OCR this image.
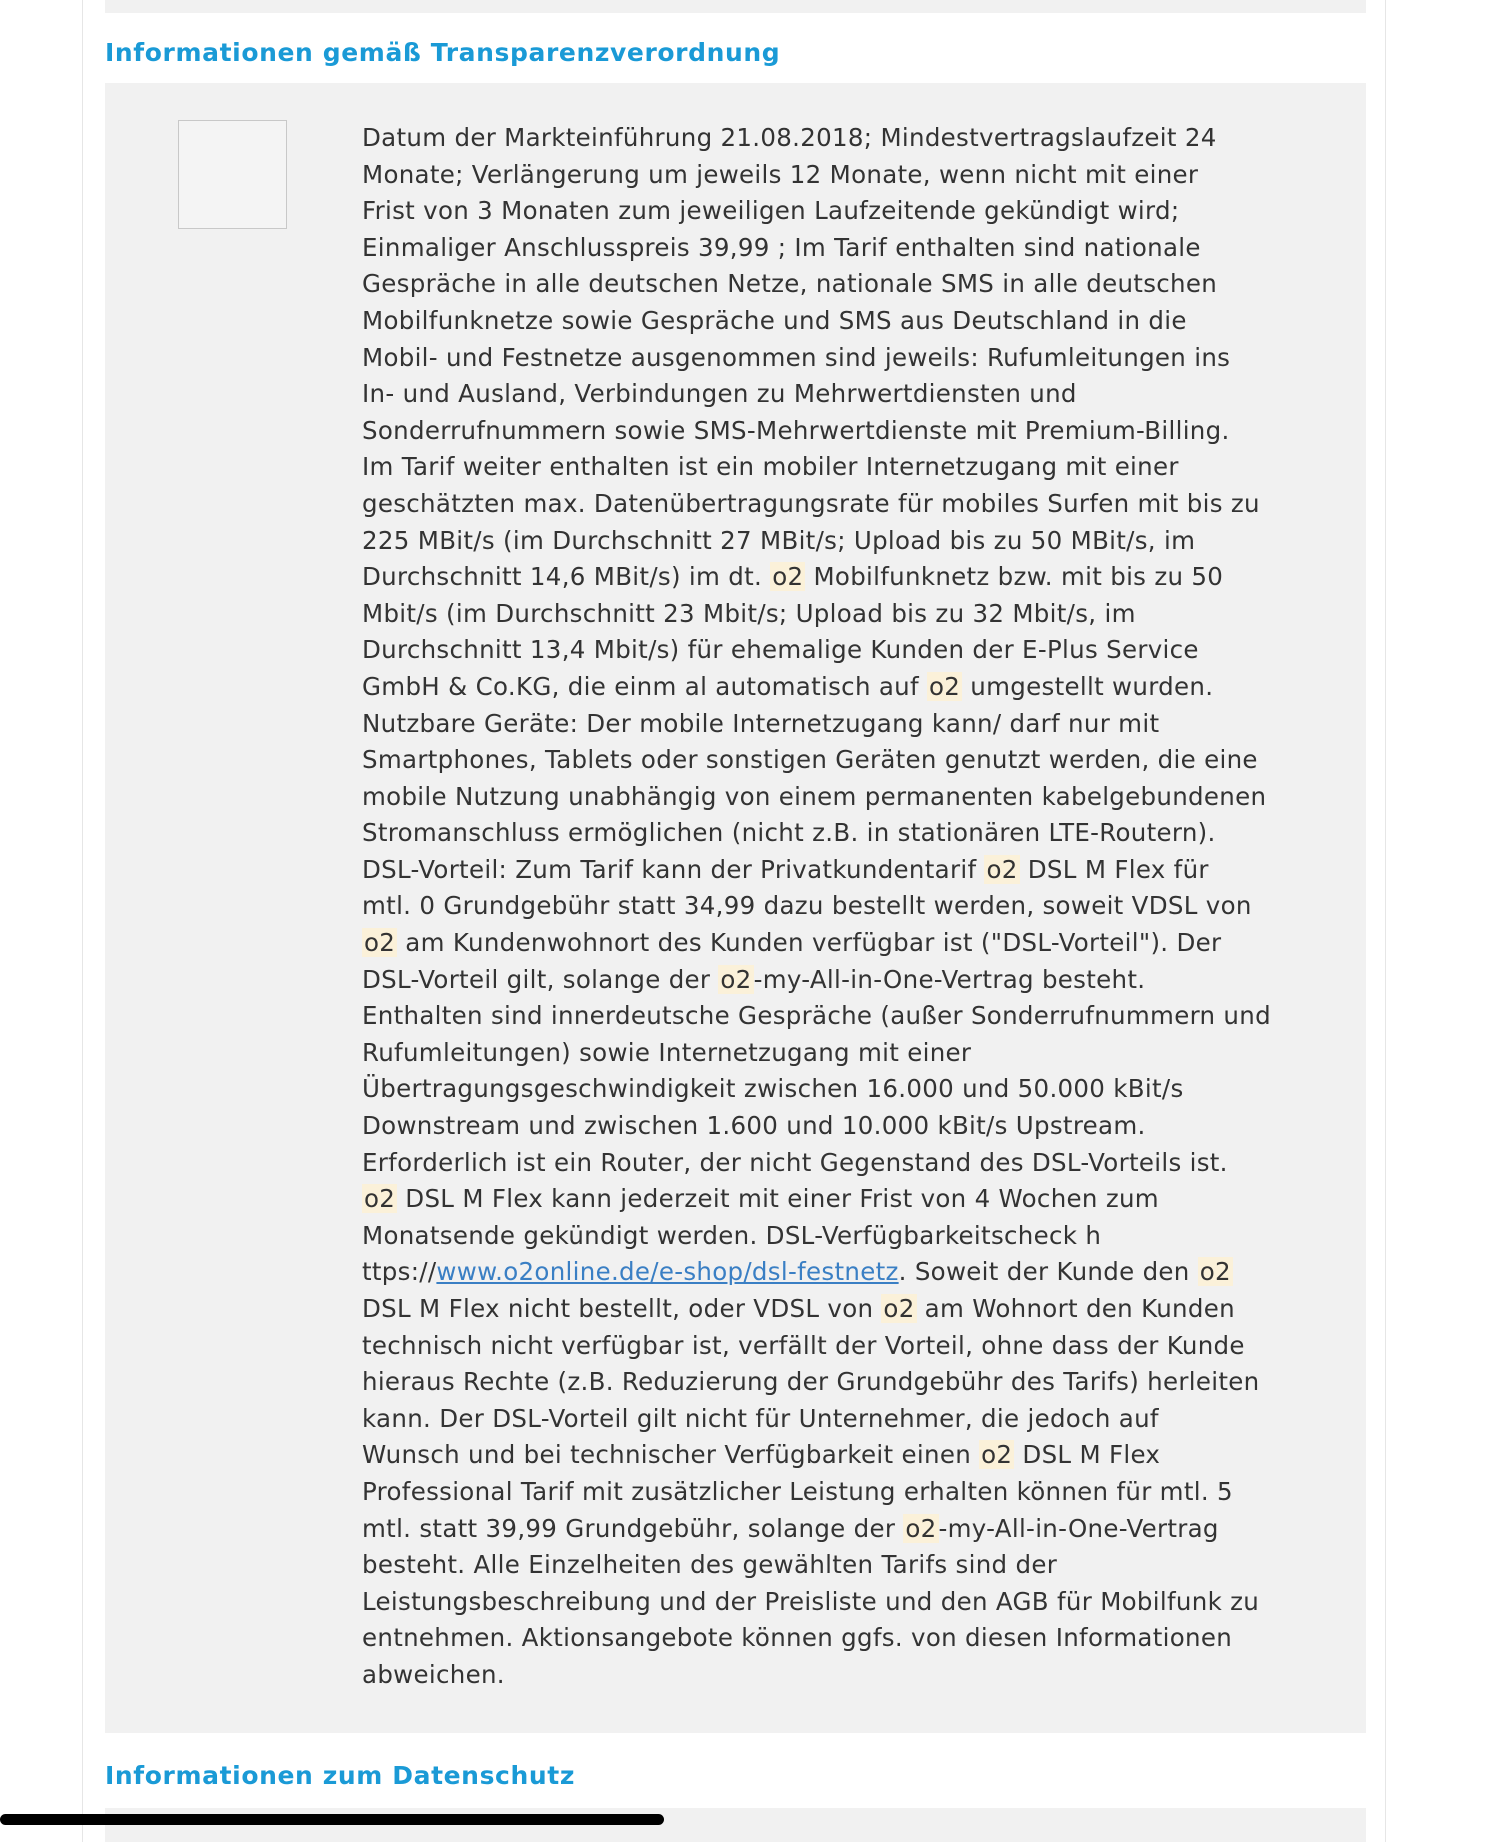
Informationen gemäß Transparenzverordnung

Datum der Markteinführung 21.08.2018; Mindestvertragslaufzeit 24
Monate; Verlängerung um jeweils 12 Monate, wenn nicht mit einer
Frist von 3 Monaten zum jeweiligen Laufzeitende gekündigt wird;
Einmaliger Anschlusspreis 39,99 ; Im Tarif enthalten sind nationale
Gespräche in alle deutschen Netze, nationale SMS in alle deutschen
Mobilfunknetze sowie Gespräche und SMS aus Deutschland in die
Mobil- und Festnetze ausgenommen sind jeweils: Rufumleitungen ins
In- und Ausland, Verbindungen zu Mehrwertdiensten und
Sonderrufnummern sowie SMS-Mehrwertdienste mit Premium-Billing.
Im Tarif weiter enthalten ist ein mobiler Internetzugang mit einer
geschätzten max. Datenübertragungsrate für mobiles Surfen mit bis zu
225 MBit/s (im Durchschnitt 27 MBit/s; Upload bis zu 50 MBit/s, im
Durchschnitt 14,6 MBit/s) im dt. o2 Mobilfunknetz bzw. mit bis zu 50
Mbit/s (im Durchschnitt 23 Mbit/s; Upload bis zu 32 Mbit/s, im
Durchschnitt 13,4 Mbit/s) für ehemalige Kunden der E-Plus Service
GmbH & Co.KG, die einm al automatisch auf o2 umgestellt wurden.
Nutzbare Geräte: Der mobile Internetzugang kann/ darf nur mit
Smartphones, Tablets oder sonstigen Geräten genutzt werden, die eine
mobile Nutzung unabhängig von einem permanenten kabelgebundenen
Stromanschluss ermöglichen (nicht z.B. in stationären LTE-Routern).
DSL-Vorteil: Zum Tarif kann der Privatkundentarif o2 DSL M Flex für
mtl. 0 Grundgebühr statt 34,99 dazu bestellt werden, soweit VDSL von
o2 am Kundenwohnort des Kunden verfügbar ist ("DSL-Vorteil"). Der
DSL-Vorteil gilt, solange der o2-my-All-in-One-Vertrag besteht.
Enthalten sind innerdeutsche Gespräche (außer Sonderrufnummern und
Rufumleitungen) sowie Internetzugang mit einer
Übertragungsgeschwindigkeit zwischen 16.000 und 50.000 kBit/s
Downstream und zwischen 1.600 und 10.000 kBit/s Upstream.
Erforderlich ist ein Router, der nicht Gegenstand des DSL-Vorteils ist.
o2 DSL M Flex kann jederzeit mit einer Frist von 4 Wochen zum
Monatsende gekündigt werden. DSL-Verfügbarkeitscheck h
ttps://www.o2online.de/e-shop/dsl-festnetz. Soweit der Kunde den o2
DSL M Flex nicht bestellt, oder VDSL von o2 am Wohnort den Kunden
technisch nicht verfügbar ist, verfällt der Vorteil, ohne dass der Kunde
hieraus Rechte (z.B. Reduzierung der Grundgebühr des Tarifs) herleiten
kann. Der DSL-Vorteil gilt nicht für Unternehmer, die jedoch auf
Wunsch und bei technischer Verfügbarkeit einen o2 DSL M Flex
Professional Tarif mit zusätzlicher Leistung erhalten können für mtl. 5
mtl. statt 39,99 Grundgebühr, solange der o2-my-All-in-One-Vertrag
besteht. Alle Einzelheiten des gewählten Tarifs sind der
Leistungsbeschreibung und der Preisliste und den AGB für Mobilfunk zu
entnehmen. Aktionsangebote können ggfs. von diesen Informationen
abweichen.

Informationen zum Datenschutz
